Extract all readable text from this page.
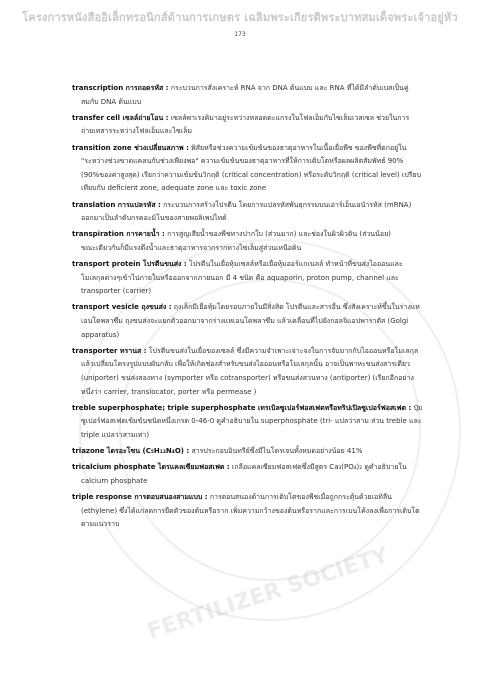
โครงการหนังสืออิเล็กทรอนิกส์ด้านการเกษตร เฉลิมพระเกียรติพระบาทสมเด็จพระเจ้าอยู่หัว
173
FERTILIZER SOCIETY

transcription การถอดรหัส : กระบวนการสังเคราะห์ RNA จาก DNA ต้นแบบ และ RNA ที่ได้มีลำดับเบสเป็นคู่
สมกับ DNA ต้นแบบ

transfer cell เซลล์ถ่ายโอน : เซลล์พาเรงคิมาอยู่ระหว่างหลอดตะแกรงในโฟลเอ็มกับไซเล็มเวสเซล ช่วยในการ
ถ่ายเทสารระหว่างโฟลเอ็มและไซเล็ม

transition zone ช่วงเปลี่ยนสภาพ : พิสัยหรือช่วงความเข้มข้นของธาตุอาหารในเนื้อเยื่อพืช ของพืชที่ตกอยู่ใน
"ระหว่างช่วงขาดแคลนกับช่วงเพียงพอ" ความเข้มข้นของธาตุอาหารที่ให้การเติบโตหรือผลผลิตสัมพัทธ์ 90% (90%ของค่าสูงสุด) เรียกว่าความเข้มข้นวิกฤติ (critical concentration) หรือระดับวิกฤติ (critical level) เปรียบเทียบกับ deficient zone, adequate zone และ toxic zone

translation การแปลรหัส : กระบวนการสร้างโปรตีน โดยการแปลรหัสพันธุกรรมบนเอาร์เอ็นเอนำรหัส (mRNA)
ออกมาเป็นลำดับกรดอะมิโนของสายพอลิเพปไทด์

transpiration การคายน้ำ : การสูญเสียน้ำของพืชทางปากใบ (ส่วนมาก) และช่องในผิวผิวดิน (ส่วนน้อย)
ขณะเดียวกันก็มีแรงดึงน้ำและธาตุอาหารจากรากทางไซเล็มสู่ส่วนเหนือดิน

transport protein โปรตีนขนส่ง : โปรตีนในเยื่อหุ้มเซลล์หรือเยื่อหุ้มออร์แกเนลล์ ทำหน้าที่ขนส่งไอออนและ
โมเลกุลต่างๆเข้าไปภายในหรือออกจากภายนอก มี 4 ชนิด คือ aquaporin, proton pump, channel และ transporter (carrier)

transport vesicle ถุงขนส่ง : ถุงเล็กมีเยื่อหุ้มโดยรอบภายในมีสิ่งสิต โปรตีนและสารอื่น ซึ่งสังเคราะห์ขึ้นในร่างแห
เอนโดพลาซึม ถุงขนส่งจะแยกตัวออกมาจากร่างแหเอนโดพลาซึม แล้วเคลื่อนที่ไปยังกอลจิแอปพาราตัส (Golgi apparatus)

transporter ทรานส : โปรตีนขนส่งในเยื่อของเซลล์ ซึ่งมีความจำเพาะเจาะจงในการจับมากกับไอออนหรือโมเลกุล
แล้วเปลี่ยนโครงรูปแบบผันกลับ เพื่อให้เกิดช่องสำหรับขนส่งไอออนหรือโมเลกุลนั้น อาจเป็นพาหะขนส่งสารเดียว (uniporter) ขนส่งสองทาง (symporter หรือ cotransporter) หรือขนส่งสวนทาง (antiporter) (เรียกอีกอย่างหนึ่งว่า carrier, translocator, porter หรือ permease )

treble superphosphate; triple superphosphate เทรเบิลซูเปอร์ฟอสเฟตหรือทริปเปิลซูเปอร์ฟอสเฟต : ปุ๋ย
ซูเปอร์ฟอสเฟตเข้มข้นชนิดหนึ่งเกรด 0-46-0 ดูคำอธิบายใน superphosphate (tri- แปลว่าสาม ส่วน treble และ triple แปลว่าสามเท่า)

triazone ไตรอะโซน (C₅H₁₂N₄O) : สารประกอบอินทรีย์ซึ่งมีไนโตรเจนทั้งหมดอย่างน้อย 41%

tricalcium phosphate ไตรแคลเซียมฟอสเฟต : เกลือแคลเซียมฟอสเฟตซึ่งมีสูตร Ca₃(PO₄)₂ ดูคำอธิบายใน
calcium phosphate

triple response การตอบสนองสามแบบ : การตอบสนองด้านการเติบโตของพืชเมื่อถูกกระตุ้นด้วยเอทิลีน
(ethylene) ซึ่งได้แก่ลดการยืดตัวของต้นหรือราก เพิ่มความกว้างของต้นหรือรากและการเบนโค้งลงเพื่อการเติบโตตามแนวราบ
